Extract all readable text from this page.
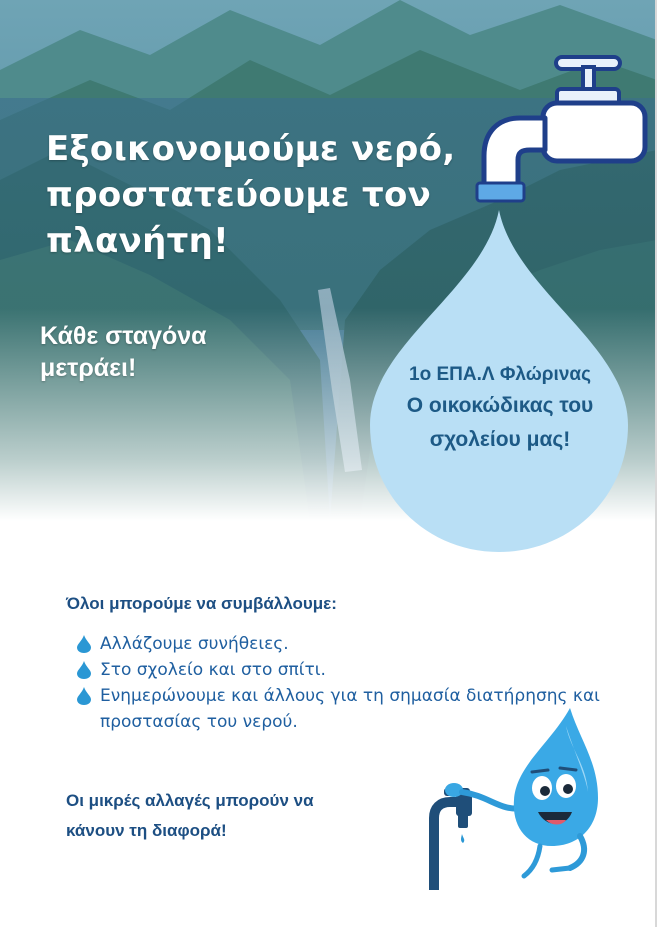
Εξοικονομούμε νερό, προστατεύουμε τον πλανήτη!
Κάθε σταγόνα μετράει!	1ο ΕΠΑ.Λ Φλώρινας
Ο οικοκώδικας του σχολείου μας!
Όλοι μπορούμε να συμβάλλουμε:
Αλλάζουμε συνήθειες.
Στο σχολείο και στο σπίτι.
Ενημερώνουμε και άλλους για τη σημασία διατήρησης και προστασίας του νερού.
Οι μικρές αλλαγές μπορούν να κάνουν τη διαφορά!
